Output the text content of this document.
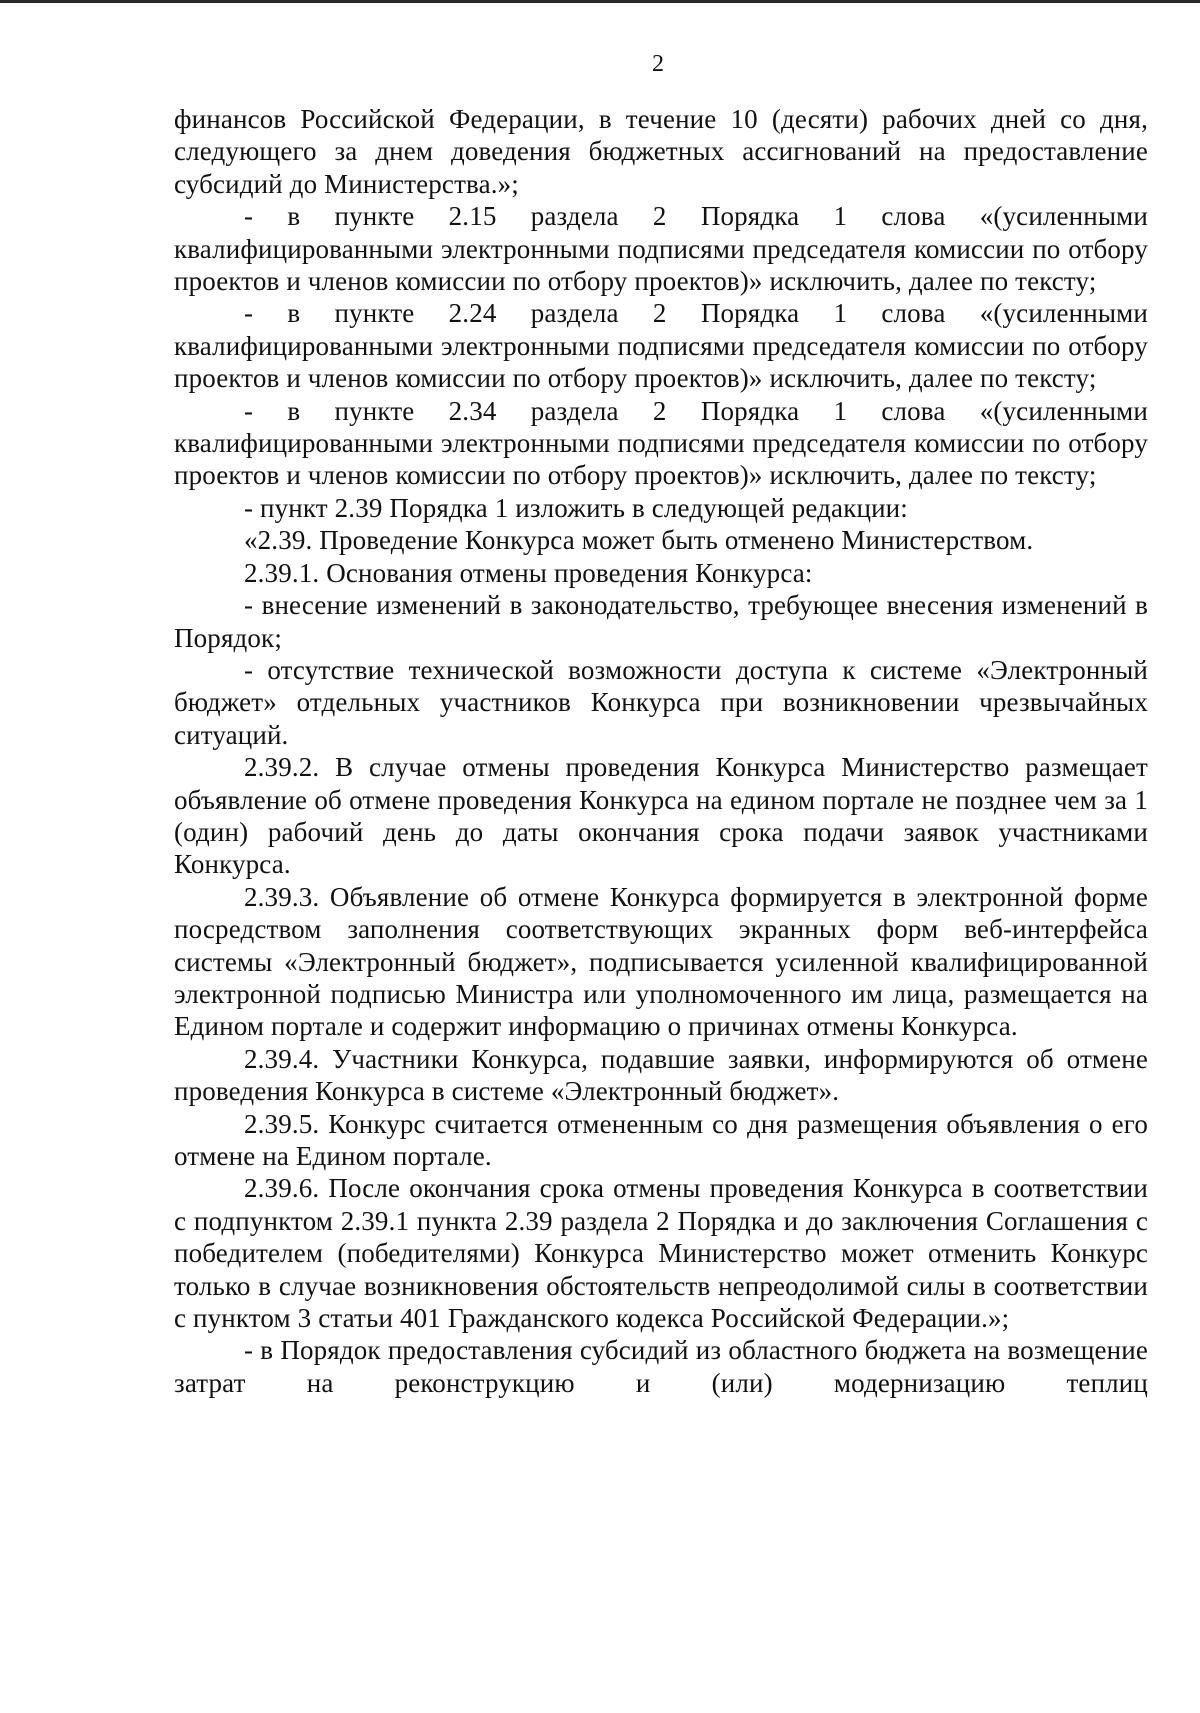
2

финансов Российской Федерации, в течение 10 (десяти) рабочих дней со дня, следующего за днем доведения бюджетных ассигнований на предоставление субсидий до Министерства.»;

- в пункте 2.15 раздела 2 Порядка 1 слова «(усиленными квалифицированными электронными подписями председателя комиссии по отбору проектов и членов комиссии по отбору проектов)» исключить, далее по тексту;

- в пункте 2.24 раздела 2 Порядка 1 слова «(усиленными квалифицированными электронными подписями председателя комиссии по отбору проектов и членов комиссии по отбору проектов)» исключить, далее по тексту;

- в пункте 2.34 раздела 2 Порядка 1 слова «(усиленными квалифицированными электронными подписями председателя комиссии по отбору проектов и членов комиссии по отбору проектов)» исключить, далее по тексту;

- пункт 2.39 Порядка 1 изложить в следующей редакции:

«2.39. Проведение Конкурса может быть отменено Министерством.

2.39.1. Основания отмены проведения Конкурса:

- внесение изменений в законодательство, требующее внесения изменений в Порядок;

- отсутствие технической возможности доступа к системе «Электронный бюджет» отдельных участников Конкурса при возникновении чрезвычайных ситуаций.

2.39.2. В случае отмены проведения Конкурса Министерство размещает объявление об отмене проведения Конкурса на едином портале не позднее чем за 1 (один) рабочий день до даты окончания срока подачи заявок участниками Конкурса.

2.39.3. Объявление об отмене Конкурса формируется в электронной форме посредством заполнения соответствующих экранных форм веб-интерфейса системы «Электронный бюджет», подписывается усиленной квалифицированной электронной подписью Министра или уполномоченного им лица, размещается на Едином портале и содержит информацию о причинах отмены Конкурса.

2.39.4. Участники Конкурса, подавшие заявки, информируются об отмене проведения Конкурса в системе «Электронный бюджет».

2.39.5. Конкурс считается отмененным со дня размещения объявления о его отмене на Едином портале.

2.39.6. После окончания срока отмены проведения Конкурса в соответствии с подпунктом 2.39.1 пункта 2.39 раздела 2 Порядка и до заключения Соглашения с победителем (победителями) Конкурса Министерство может отменить Конкурс только в случае возникновения обстоятельств непреодолимой силы в соответствии с пунктом 3 статьи 401 Гражданского кодекса Российской Федерации.»;

- в Порядок предоставления субсидий из областного бюджета на возмещение затрат на реконструкцию и (или) модернизацию теплиц
